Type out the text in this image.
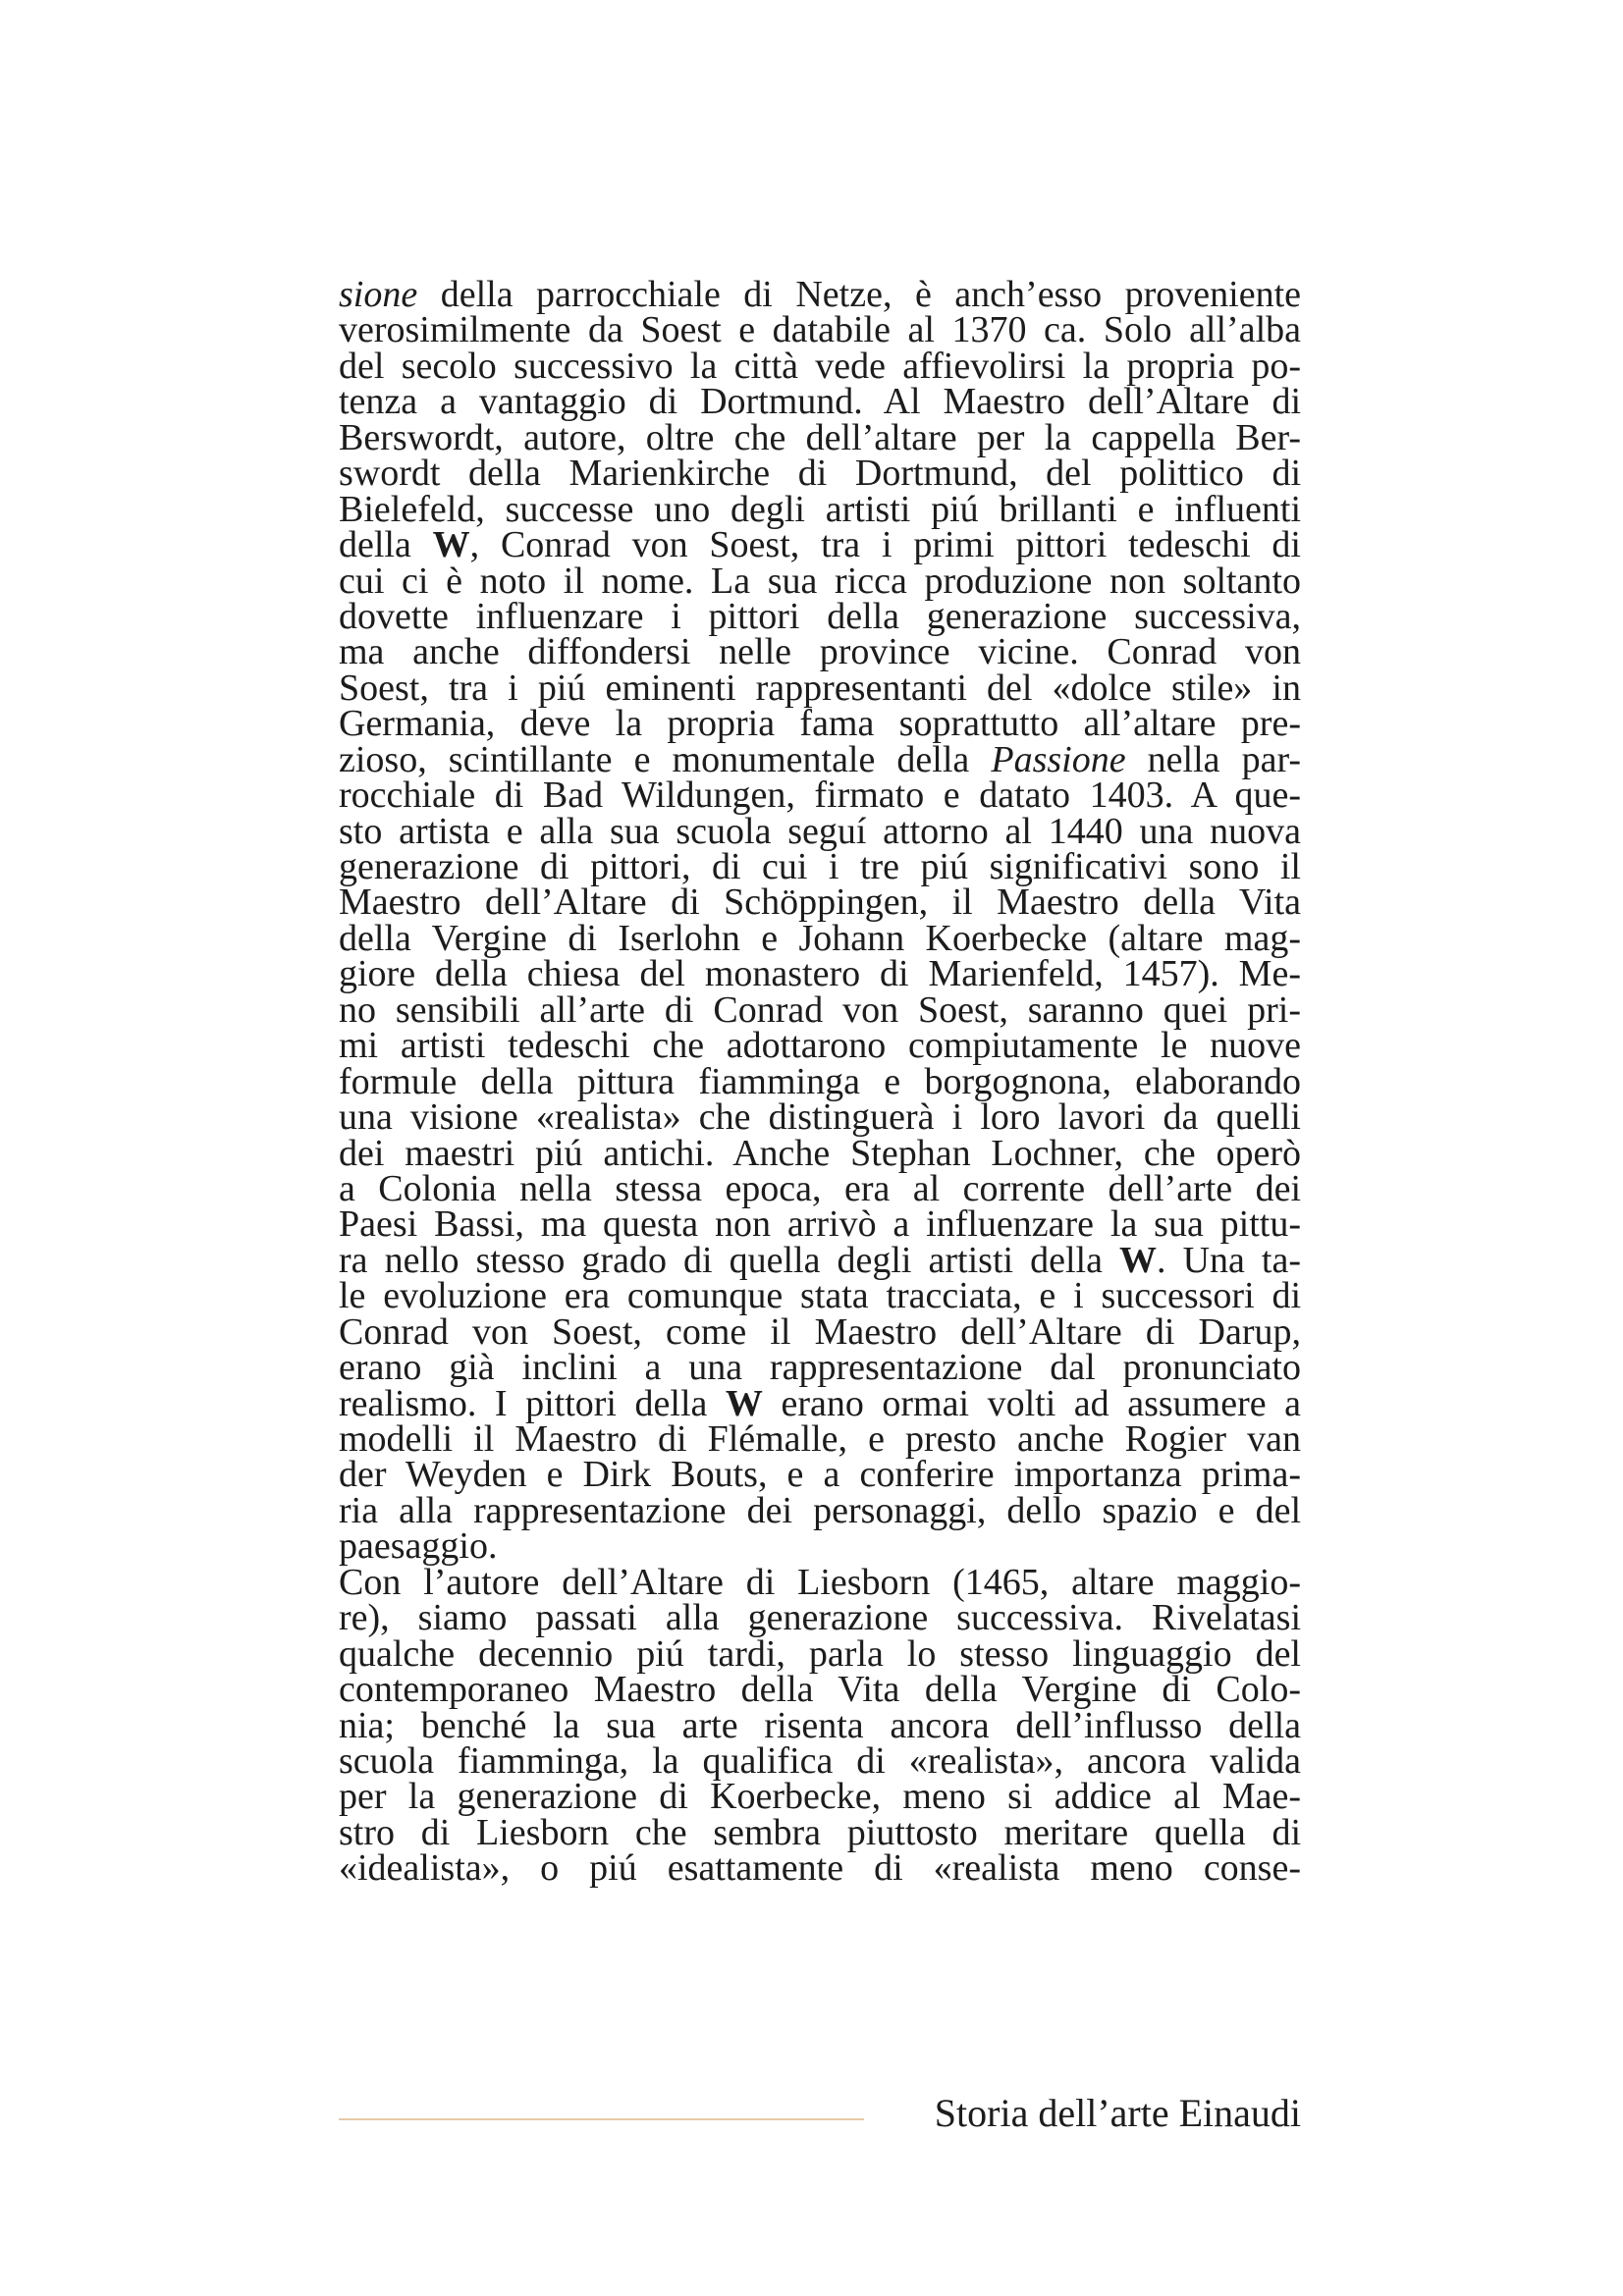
sione della parrocchiale di Netze, è anch’esso proveniente
verosimilmente da Soest e databile al 1370 ca. Solo all’alba
del secolo successivo la città vede affievolirsi la propria po-
tenza a vantaggio di Dortmund. Al Maestro dell’Altare di
Berswordt, autore, oltre che dell’altare per la cappella Ber-
swordt della Marienkirche di Dortmund, del polittico di
Bielefeld, successe uno degli artisti piú brillanti e influenti
della W, Conrad von Soest, tra i primi pittori tedeschi di
cui ci è noto il nome. La sua ricca produzione non soltanto
dovette influenzare i pittori della generazione successiva,
ma anche diffondersi nelle province vicine. Conrad von
Soest, tra i piú eminenti rappresentanti del «dolce stile» in
Germania, deve la propria fama soprattutto all’altare pre-
zioso, scintillante e monumentale della Passione nella par-
rocchiale di Bad Wildungen, firmato e datato 1403. A que-
sto artista e alla sua scuola seguí attorno al 1440 una nuova
generazione di pittori, di cui i tre piú significativi sono il
Maestro dell’Altare di Schöppingen, il Maestro della Vita
della Vergine di Iserlohn e Johann Koerbecke (altare mag-
giore della chiesa del monastero di Marienfeld, 1457). Me-
no sensibili all’arte di Conrad von Soest, saranno quei pri-
mi artisti tedeschi che adottarono compiutamente le nuove
formule della pittura fiamminga e borgognona, elaborando
una visione «realista» che distinguerà i loro lavori da quelli
dei maestri piú antichi. Anche Stephan Lochner, che operò
a Colonia nella stessa epoca, era al corrente dell’arte dei
Paesi Bassi, ma questa non arrivò a influenzare la sua pittu-
ra nello stesso grado di quella degli artisti della W. Una ta-
le evoluzione era comunque stata tracciata, e i successori di
Conrad von Soest, come il Maestro dell’Altare di Darup,
erano già inclini a una rappresentazione dal pronunciato
realismo. I pittori della W erano ormai volti ad assumere a
modelli il Maestro di Flémalle, e presto anche Rogier van
der Weyden e Dirk Bouts, e a conferire importanza prima-
ria alla rappresentazione dei personaggi, dello spazio e del
paesaggio.
Con l’autore dell’Altare di Liesborn (1465, altare maggio-
re), siamo passati alla generazione successiva. Rivelatasi
qualche decennio piú tardi, parla lo stesso linguaggio del
contemporaneo Maestro della Vita della Vergine di Colo-
nia; benché la sua arte risenta ancora dell’influsso della
scuola fiamminga, la qualifica di «realista», ancora valida
per la generazione di Koerbecke, meno si addice al Mae-
stro di Liesborn che sembra piuttosto meritare quella di
«idealista», o piú esattamente di «realista meno conse-
Storia dell’arte Einaudi
